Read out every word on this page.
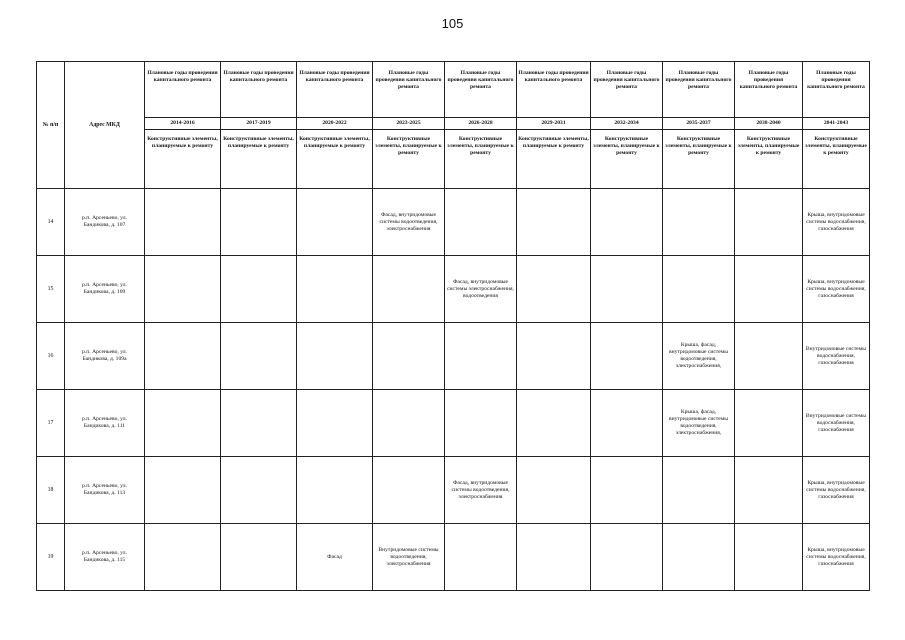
105
№ п/п	Адрес МКД	Плановые годы проведения капитального ремонта	Плановые годы проведения капитального ремонта	Плановые годы проведения капитального ремонта	Плановые годы проведения капитального ремонта	Плановые годы проведения капитального ремонта	Плановые годы проведения капитального ремонта	Плановые годы проведения капитального ремонта	Плановые годы проведения капитального ремонта	Плановые годы проведения капитального ремонта	Плановые годы проведения капитального ремонта
		2014-2016	2017-2019	2020-2022	2023-2025	2026-2028	2029-2031	2032-2034	2035-2037	2038-2040	2041-2043
		Конструктивные элементы, планируемые к ремонту	Конструктивные элементы, планируемые к ремонту	Конструктивные элементы, планируемые к ремонту	Конструктивные элементы, планируемые к ремонту	Конструктивные элементы, планируемые к ремонту	Конструктивные элементы, планируемые к ремонту	Конструктивные элементы, планируемые к ремонту	Конструктивные элементы, планируемые к ремонту	Конструктивные элементы, планируемые к ремонту	Конструктивные элементы, планируемые к ремонту
14	р.п. Арсеньево, ул. Бандикова, д. 107				Фасад, внутридомовые системы водоотведения, электроснабжения						Крыша, внутридомовые системы водоснабжения, газоснабжения
15	р.п. Арсеньево, ул. Бандикова, д. 109					Фасад, внутридомовые системы электроснабжения, водоотведения					Крыша, внутридомовые системы водоснабжения, газоснабжения
16	р.п. Арсеньево, ул. Бандикова, д. 109а								Крыша, фасад, внутридомовые системы водоотведения, электроснабжения,		Внутридомовые системы водоснабжения, газоснабжения
17	р.п. Арсеньево, ул. Бандикова, д. 111								Крыша, фасад, внутридомовые системы водоотведения, электроснабжения,		Внутридомовые системы водоснабжения, газоснабжения
18	р.п. Арсеньево, ул. Бандикова, д. 113					Фасад, внутридомовые системы водоотведения, электроснабжения					Крыша, внутридомовые системы водоснабжения, газоснабжения
19	р.п. Арсеньево, ул. Бандикова, д. 115			Фасад	Внутридомовые системы водоотведения, электроснабжения						Крыша, внутридомовые системы водоснабжения, газоснабжения
